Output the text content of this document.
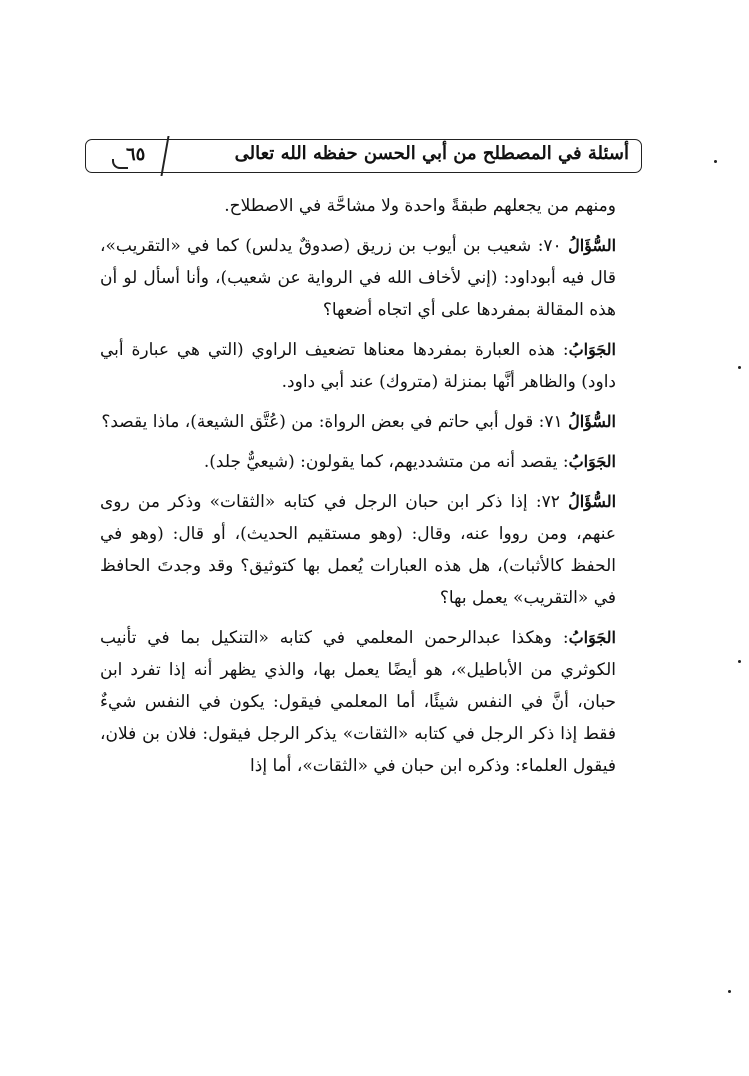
أسئلة في المصطلح من أبي الحسن حفظه الله تعالى
٦٥

ومنهم من يجعلهم طبقةً واحدة ولا مشاحَّة في الاصطلاح.

السُّؤَالُ ٧٠: شعيب بن أيوب بن زريق (صدوقٌ يدلس) كما في «التقريب»، قال فيه أبوداود: (إني لأخاف الله في الرواية عن شعيب)، وأنا أسأل لو أن هذه المقالة بمفردها على أي اتجاه أضعها؟

الجَوَابُ: هذه العبارة بمفردها معناها تضعيف الراوي (التي هي عبارة أبي داود) والظاهر أنَّها بمنزلة (متروك) عند أبي داود.

السُّؤَالُ ٧١: قول أبي حاتم في بعض الرواة: من (عُتَّق الشيعة)، ماذا يقصد؟

الجَوَابُ: يقصد أنه من متشدديهم، كما يقولون: (شيعيٌّ جلد).

السُّؤَالُ ٧٢: إذا ذكر ابن حبان الرجل في كتابه «الثقات» وذكر من روى عنهم، ومن رووا عنه، وقال: (وهو مستقيم الحديث)، أو قال: (وهو في الحفظ كالأثبات)، هل هذه العبارات يُعمل بها كتوثيق؟ وقد وجدتَ الحافظ في «التقريب» يعمل بها؟

الجَوَابُ: وهكذا عبدالرحمن المعلمي في كتابه «التنكيل بما في تأنيب الكوثري من الأباطيل»، هو أيضًا يعمل بها، والذي يظهر أنه إذا تفرد ابن حبان، أنَّ في النفس شيئًا، أما المعلمي فيقول: يكون في النفس شيءٌ فقط إذا ذكر الرجل في كتابه «الثقات» يذكر الرجل فيقول: فلان بن فلان، فيقول العلماء: وذكره ابن حبان في «الثقات»، أما إذا
